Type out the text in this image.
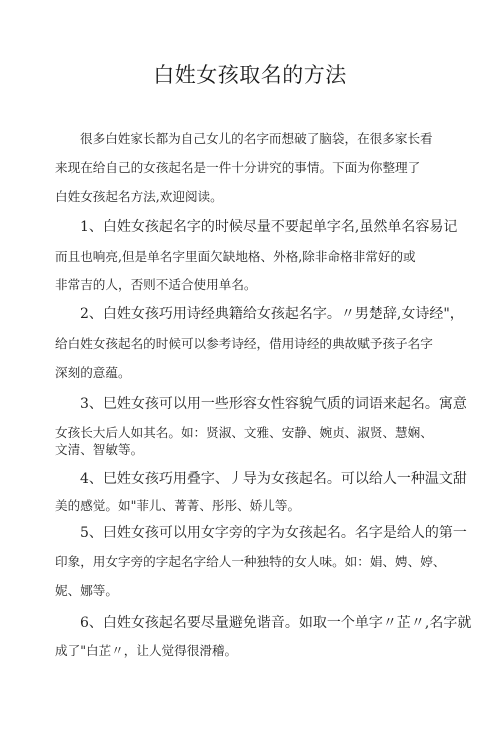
白姓女孩取名的方法
很多白姓家长都为自己女儿的名字而想破了脑袋，在很多家长看
来现在给自己的女孩起名是一件十分讲究的事情。下面为你整理了
白姓女孩起名方法,欢迎阅读。
1、白姓女孩起名字的时候尽量不要起单字名,虽然单名容易记
而且也响亮,但是单名字里面欠缺地格、外格,除非命格非常好的或
非常吉的人，否则不适合使用单名。
2、白姓女孩巧用诗经典籍给女孩起名字。〃男楚辞,女诗经"，
给白姓女孩起名的时候可以参考诗经，借用诗经的典故赋予孩子名字
深刻的意蕴。
3、巳姓女孩可以用一些形容女性容貌气质的词语来起名。寓意
女孩长大后人如其名。如：贤淑、文雅、安静、婉贞、淑贤、慧娴、
文清、智敏等。
4、巳姓女孩巧用叠字、丿导为女孩起名。可以给人一种温文甜
美的感觉。如"菲儿、菁菁、彤彤、娇儿等。
5、曰姓女孩可以用女字旁的字为女孩起名。名字是给人的第一
印象，用女字旁的字起名字给人一种独特的女人味。如：娟、娉、婷、
妮、娜等。
6、白姓女孩起名要尽量避免谐音。如取一个单字〃芷〃,名字就
成了"白芷〃，让人觉得很滑稽。
